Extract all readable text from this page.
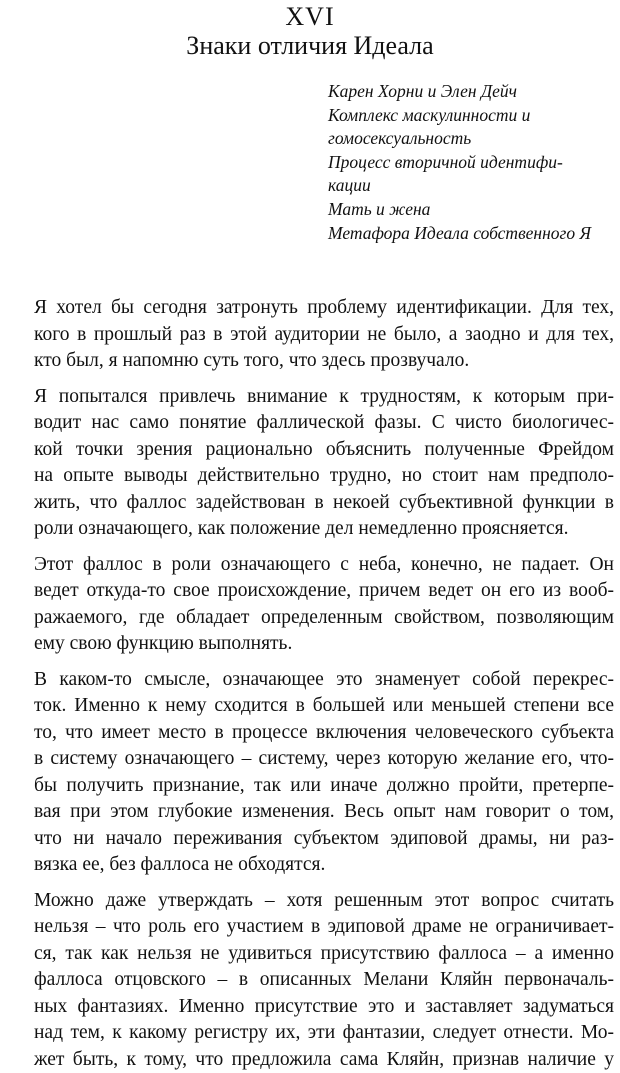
XVI
Знаки отличия Идеала
Карен Хорни и Элен Дейч
Комплекс маскулинности и
гомосексуальность
Процесс вторичной идентифи-
кации
Мать и жена
Метафора Идеала собственного Я
Я хотел бы сегодня затронуть проблему идентификации. Для тех,
кого в прошлый раз в этой аудитории не было, а заодно и для тех,
кто был, я напомню суть того, что здесь прозвучало.
Я попытался привлечь внимание к трудностям, к которым при-
водит нас само понятие фаллической фазы. С чисто биологичес-
кой точки зрения рационально объяснить полученные Фрейдом
на опыте выводы действительно трудно, но стоит нам предполо-
жить, что фаллос задействован в некоей субъективной функции в
роли означающего, как положение дел немедленно проясняется.
Этот фаллос в роли означающего с неба, конечно, не падает. Он
ведет откуда-то свое происхождение, причем ведет он его из вооб-
ражаемого, где обладает определенным свойством, позволяющим
ему свою функцию выполнять.
В каком-то смысле, означающее это знаменует собой перекрес-
ток. Именно к нему сходится в большей или меньшей степени все
то, что имеет место в процессе включения человеческого субъекта
в систему означающего – систему, через которую желание его, что-
бы получить признание, так или иначе должно пройти, претерпе-
вая при этом глубокие изменения. Весь опыт нам говорит о том,
что ни начало переживания субъектом эдиповой драмы, ни раз-
вязка ее, без фаллоса не обходятся.
Можно даже утверждать – хотя решенным этот вопрос считать
нельзя – что роль его участием в эдиповой драме не ограничивает-
ся, так как нельзя не удивиться присутствию фаллоса – а именно
фаллоса отцовского – в описанных Мелани Кляйн первоначаль-
ных фантазиях. Именно присутствие это и заставляет задуматься
над тем, к какому регистру их, эти фантазии, следует отнести. Мо-
жет быть, к тому, что предложила сама Кляйн, признав наличие у
